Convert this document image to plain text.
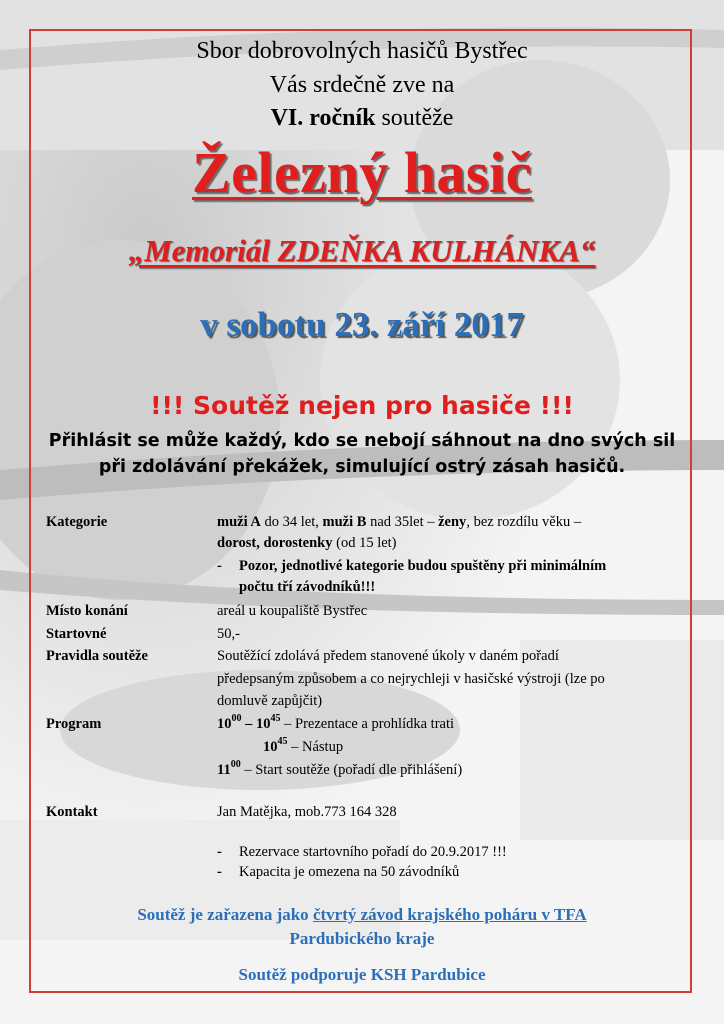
Sbor dobrovolných hasičů Bystřec
Vás srdečně zve na
VI. ročník soutěže
Železný hasič
„Memoriál ZDEŇKA KULHÁNKA“
v sobotu 23. září 2017
!!! Soutěž nejen pro hasiče !!!
Přihlásit se může každý, kdo se nebojí sáhnout na dno svých sil
při zdolávání překážek, simulující ostrý zásah hasičů.
Kategorie	muži A do 34 let, muži B nad 35let – ženy, bez rozdílu věku –
dorost, dorostenky (od 15 let)
- Pozor, jednotlivé kategorie budou spuštěny při minimálním
počtu tří závodníků!!!
Místo konání	areál u koupaliště Bystřec
Startovné	50,-
Pravidla soutěže	Soutěžící zdolává předem stanovené úkoly v daném pořadí
předepsaným způsobem a co nejrychleji v hasičské výstroji (lze po
domluvě zapůjčit)
Program	$10^{00} - 10^{45}$ – Prezentace a prohlídka trati
$10^{45}$ – Nástup
$11^{00}$ – Start soutěže (pořadí dle přihlášení)
Kontakt	Jan Matějka, mob.773 164 328
- Rezervace startovního pořadí do 20.9.2017 !!!
- Kapacita je omezena na 50 závodníků
Soutěž je zařazena jako čtvrtý závod krajského poháru v TFA
Pardubického kraje
Soutěž podporuje KSH Pardubice
